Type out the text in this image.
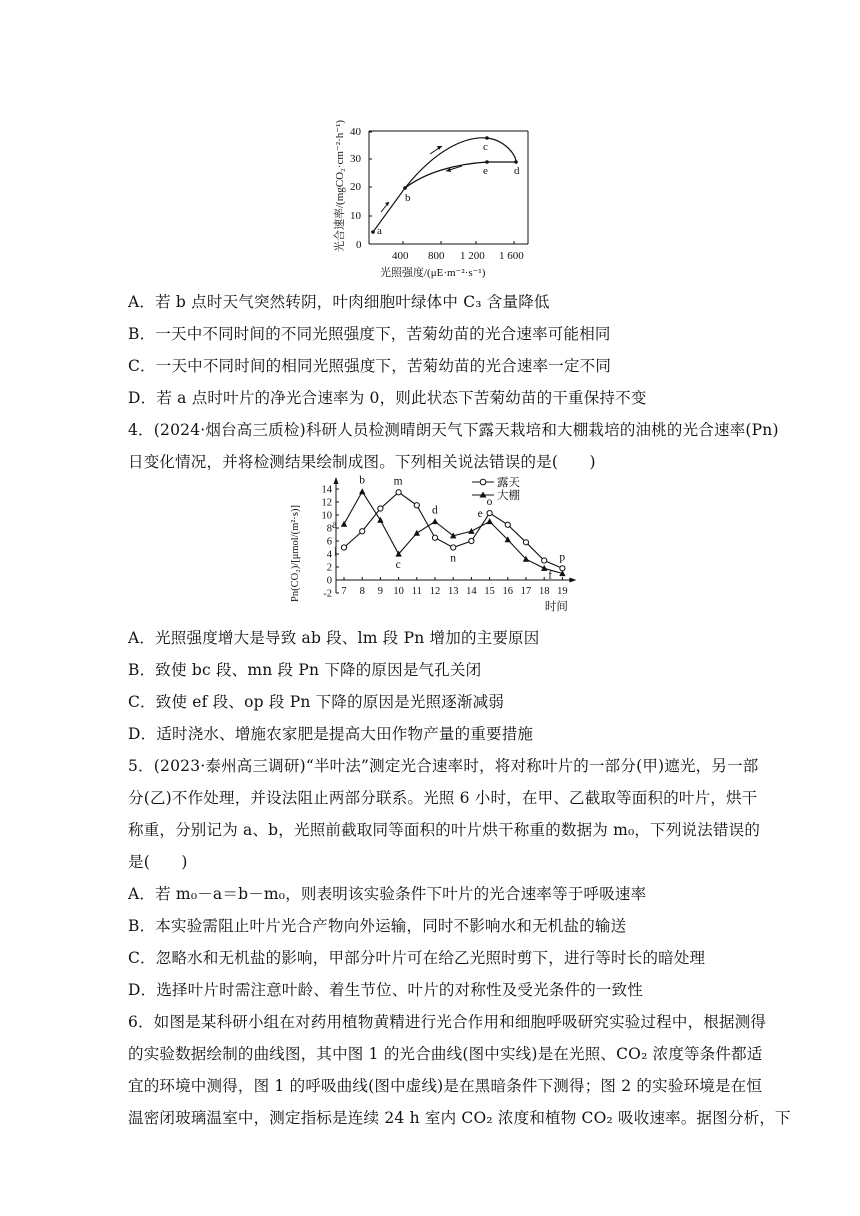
光合速率/(mgCO₂·cm⁻²·h⁻¹) 0
10
20
30
40
400 800 1 200 1 600
光照强度/(μE·m⁻²·s⁻¹)
a
b
c
e d
A．若 b 点时天气突然转阴，叶肉细胞叶绿体中 C₃ 含量降低
B．一天中不同时间的不同光照强度下，苦菊幼苗的光合速率可能相同
C．一天中不同时间的相同光照强度下，苦菊幼苗的光合速率一定不同
D．若 a 点时叶片的净光合速率为 0，则此状态下苦菊幼苗的干重保持不变
4．(2024·烟台高三质检)科研人员检测晴朗天气下露天栽培和大棚栽培的油桃的光合速率(Pn)
日变化情况，并将检测结果绘制成图。下列相关说法错误的是(　　)
Pn(CO₂)/[μmol/(m²·s)] -2
0
2
4
6
8
10
12
14
7 8 9 10 11 12 13 14 15 16 17 18 19
时间
a
b
c
d	e
f
l
m
n
o
p
露天
大棚
A．光照强度增大是导致 ab 段、lm 段 Pn 增加的主要原因
B．致使 bc 段、mn 段 Pn 下降的原因是气孔关闭
C．致使 ef 段、op 段 Pn 下降的原因是光照逐渐减弱
D．适时浇水、增施农家肥是提高大田作物产量的重要措施
5．(2023·泰州高三调研)“半叶法”测定光合速率时，将对称叶片的一部分(甲)遮光，另一部
分(乙)不作处理，并设法阻止两部分联系。光照 6 小时，在甲、乙截取等面积的叶片，烘干
称重，分别记为 a、b，光照前截取同等面积的叶片烘干称重的数据为 m₀，下列说法错误的
是(　　)
A．若 m₀－a＝b－m₀，则表明该实验条件下叶片的光合速率等于呼吸速率
B．本实验需阻止叶片光合产物向外运输，同时不影响水和无机盐的输送
C．忽略水和无机盐的影响，甲部分叶片可在给乙光照时剪下，进行等时长的暗处理
D．选择叶片时需注意叶龄、着生节位、叶片的对称性及受光条件的一致性
6．如图是某科研小组在对药用植物黄精进行光合作用和细胞呼吸研究实验过程中，根据测得
的实验数据绘制的曲线图，其中图 1 的光合曲线(图中实线)是在光照、CO₂ 浓度等条件都适
宜的环境中测得，图 1 的呼吸曲线(图中虚线)是在黑暗条件下测得；图 2 的实验环境是在恒
温密闭玻璃温室中，测定指标是连续 24 h 室内 CO₂ 浓度和植物 CO₂ 吸收速率。据图分析，下
